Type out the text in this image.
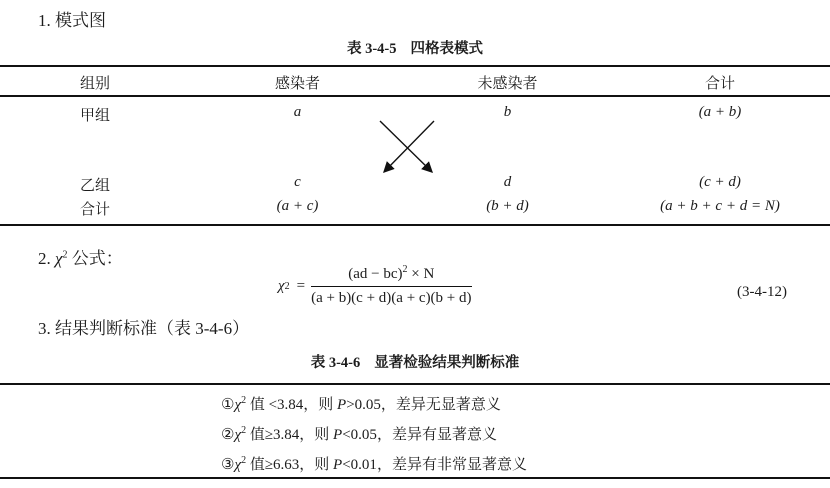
1. 模式图
表 3-4-5 四格表模式
组别	感染者	未感染者	合计
甲组	a	b	(a + b)
乙组	c	d	(c + d)
合计	(a + c)	(b + d)	(a + b + c + d = N)
2. $\chi^2$ 公式：
χ $2 = \frac{(ad - bc)^2 \times N}{(a + b)(c + d)(a + c)(b + d)}$	(3-4-12)
3. 结果判断标准（表 3-4-6）
表 3-4-6 显著检验结果判断标准
$①\chi^2$ 值 <3.84，则 P>0.05，差异无显著意义
$②\chi^2$ 值≥3.84，则 P<0.05，差异有显著意义
$③\chi^2$ 值≥6.63，则 P<0.01，差异有非常显著意义
